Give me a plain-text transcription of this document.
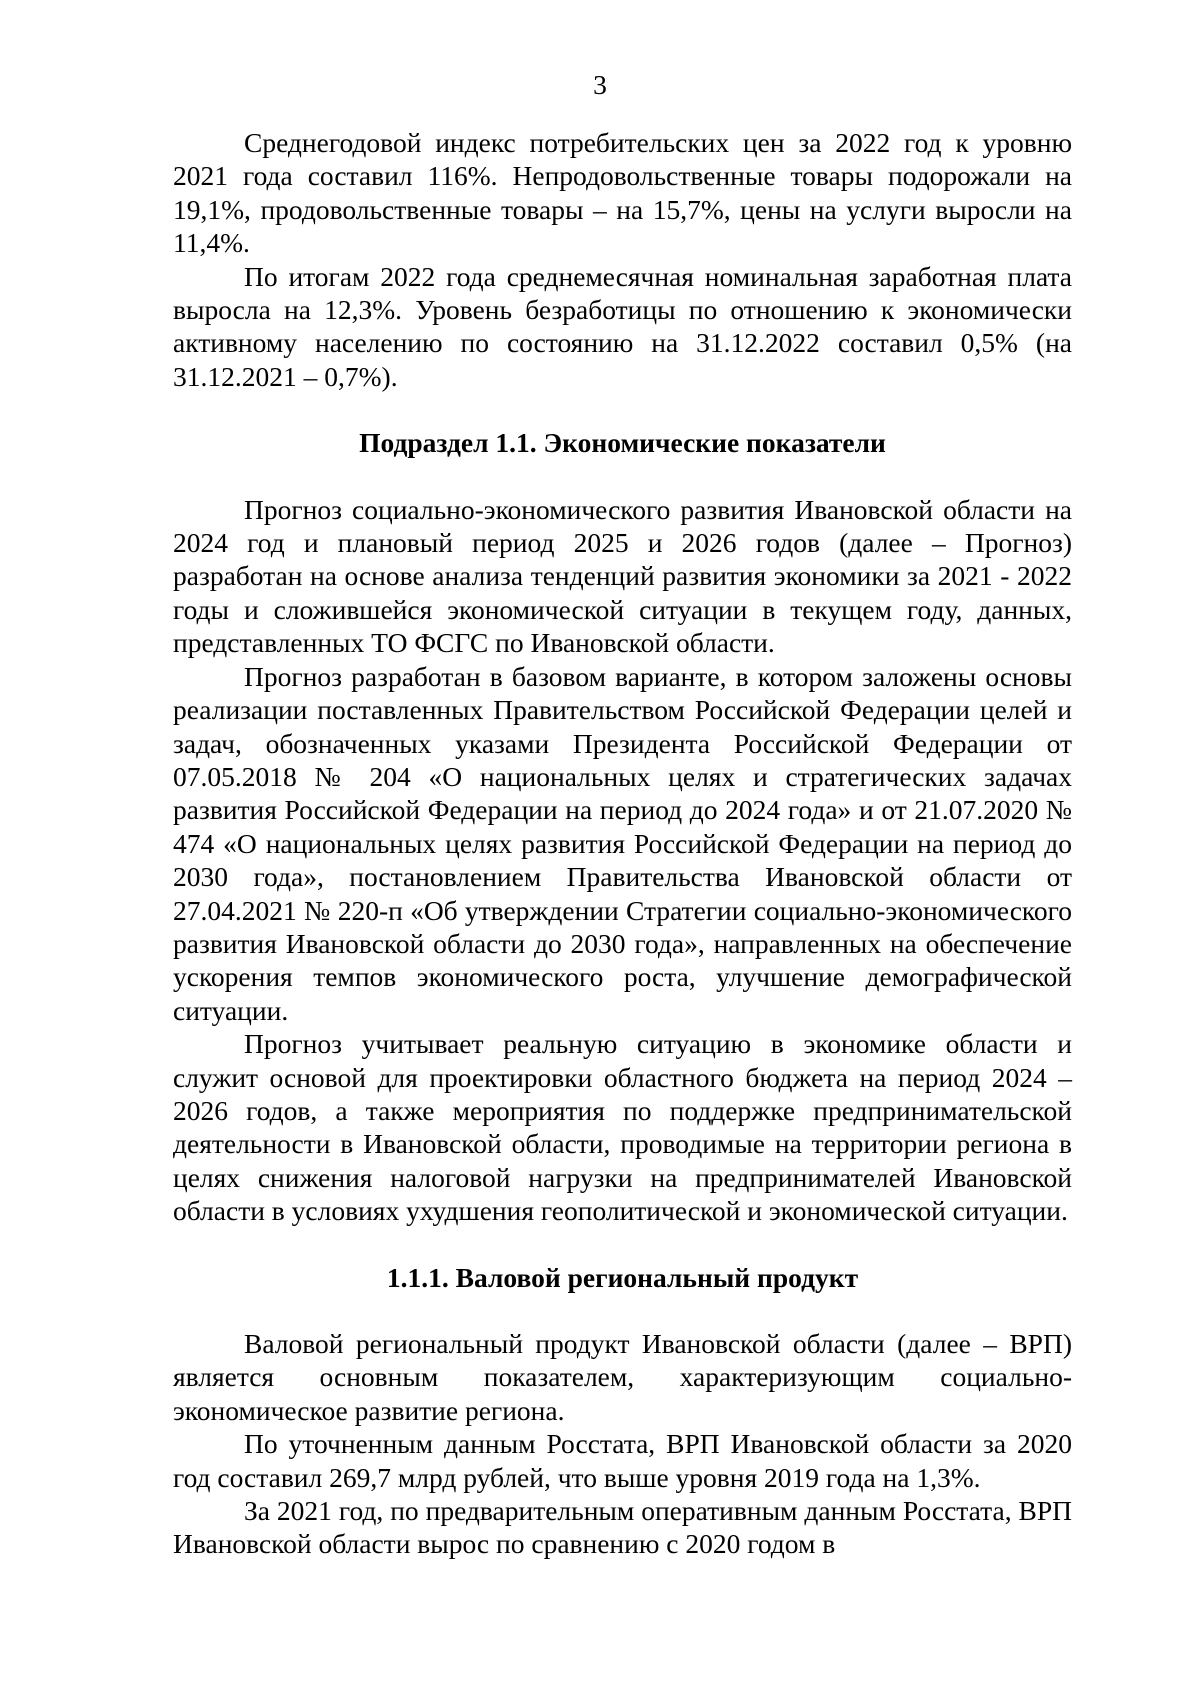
3

Среднегодовой индекс потребительских цен за 2022 год к уровню 2021 года составил 116%. Непродовольственные товары подорожали на 19,1%, продовольственные товары – на 15,7%, цены на услуги выросли на 11,4%.

По итогам 2022 года среднемесячная номинальная заработная плата выросла на 12,3%. Уровень безработицы по отношению к экономически активному населению по состоянию на 31.12.2022 составил 0,5% (на 31.12.2021 – 0,7%).

Подраздел 1.1. Экономические показатели

Прогноз социально-экономического развития Ивановской области на 2024 год и плановый период 2025 и 2026 годов (далее – Прогноз) разработан на основе анализа тенденций развития экономики за 2021 - 2022 годы и сложившейся экономической ситуации в текущем году, данных, представленных ТО ФСГС по Ивановской области.

Прогноз разработан в базовом варианте, в котором заложены основы реализации поставленных Правительством Российской Федерации целей и задач, обозначенных указами Президента Российской Федерации от 07.05.2018 № 204 «О национальных целях и стратегических задачах развития Российской Федерации на период до 2024 года» и от 21.07.2020 № 474 «О национальных целях развития Российской Федерации на период до 2030 года», постановлением Правительства Ивановской области от 27.04.2021 № 220-п «Об утверждении Стратегии социально-экономического развития Ивановской области до 2030 года», направленных на обеспечение ускорения темпов экономического роста, улучшение демографической ситуации.

Прогноз учитывает реальную ситуацию в экономике области и служит основой для проектировки областного бюджета на период 2024 – 2026 годов, а также мероприятия по поддержке предпринимательской деятельности в Ивановской области, проводимые на территории региона в целях снижения налоговой нагрузки на предпринимателей Ивановской области в условиях ухудшения геополитической и экономической ситуации.

1.1.1. Валовой региональный продукт

Валовой региональный продукт Ивановской области (далее – ВРП) является основным показателем, характеризующим социально-экономическое развитие региона.

По уточненным данным Росстата, ВРП Ивановской области за 2020 год составил 269,7 млрд рублей, что выше уровня 2019 года на 1,3%.

За 2021 год, по предварительным оперативным данным Росстата, ВРП Ивановской области вырос по сравнению с 2020 годом в
